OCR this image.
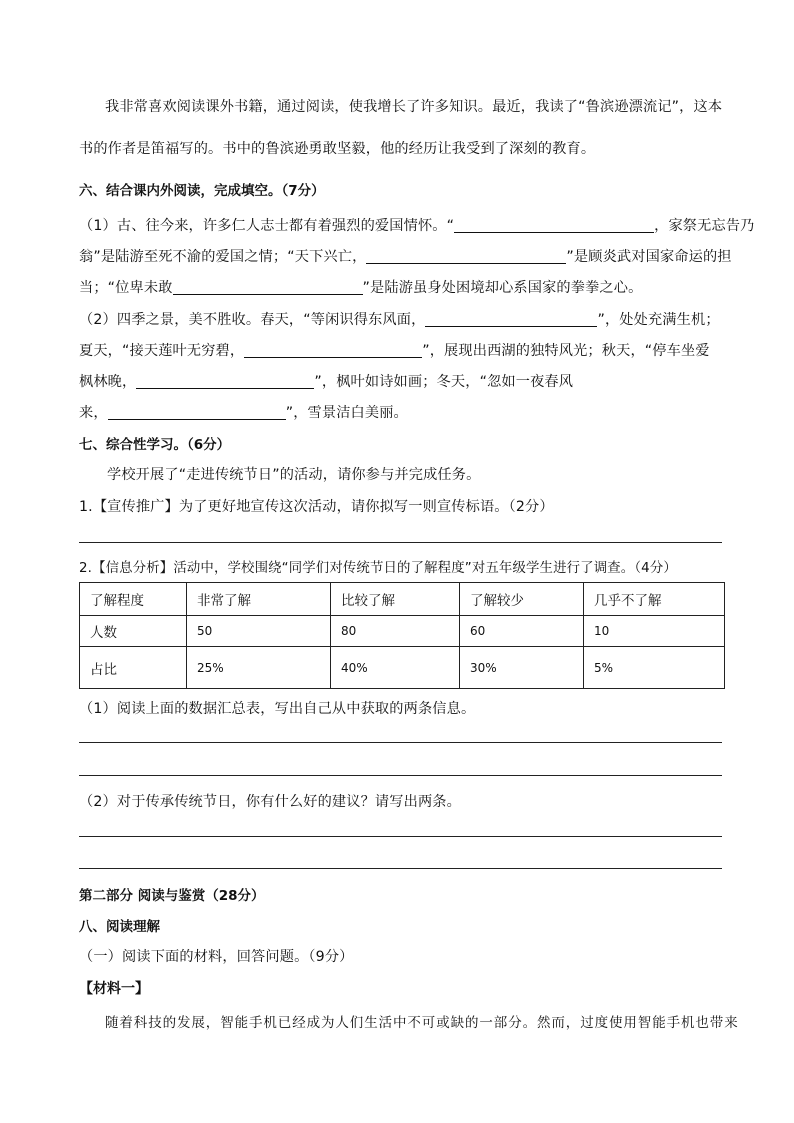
我非常喜欢阅读课外书籍，通过阅读，使我增长了许多知识。最近，我读了“鲁滨逊漂流记”，这本
书的作者是笛福写的。书中的鲁滨逊勇敢坚毅，他的经历让我受到了深刻的教育。
六、结合课内外阅读，完成填空。（7分）
（1）古、往今来，许多仁人志士都有着强烈的爱国情怀。“	，家祭无忘告乃
翁”是陆游至死不渝的爱国之情；“天下兴亡，	”是顾炎武对国家命运的担
当；“位卑未敢	”是陆游虽身处困境却心系国家的拳拳之心。
（2）四季之景，美不胜收。春天，“等闲识得东风面，	”，处处充满生机；
夏天，“接天莲叶无穷碧，	”，展现出西湖的独特风光；秋天，“停车坐爱
枫林晚，	”，枫叶如诗如画；冬天，“忽如一夜春风
来，	”，雪景洁白美丽。
七、综合性学习。（6分）
学校开展了“走进传统节日”的活动，请你参与并完成任务。
1.【宣传推广】为了更好地宣传这次活动，请你拟写一则宣传标语。（2分）
2.【信息分析】活动中，学校围绕“同学们对传统节日的了解程度”对五年级学生进行了调查。（4分）
了解程度	非常了解	比较了解	了解较少	几乎不了解
人数	50	80	60	10
占比	25%	40%	30%	5%
（1）阅读上面的数据汇总表，写出自己从中获取的两条信息。
（2）对于传承传统节日，你有什么好的建议？请写出两条。
第二部分 阅读与鉴赏（28分）
八、阅读理解
（一）阅读下面的材料，回答问题。（9分）
【材料一】
随着科技的发展，智能手机已经成为人们生活中不可或缺的一部分。然而，过度使用智能手机也带来
